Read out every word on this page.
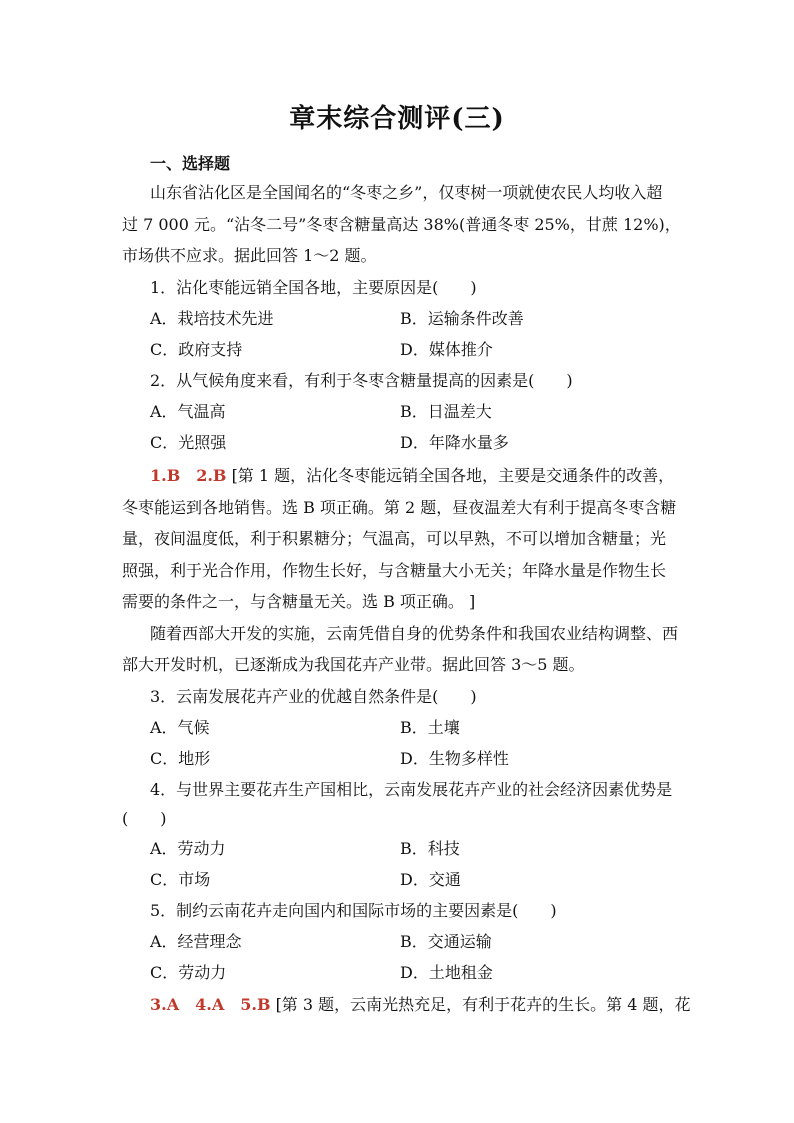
章末综合测评(三)
一、选择题
山东省沾化区是全国闻名的“冬枣之乡”，仅枣树一项就使农民人均收入超
过 7 000 元。“沾冬二号”冬枣含糖量高达 38%(普通冬枣 25%，甘蔗 12%)，
市场供不应求。据此回答 1～2 题。
1．沾化枣能远销全国各地，主要原因是(　　)
A．栽培技术先进	B．运输条件改善
C．政府支持	D．媒体推介
2．从气候角度来看，有利于冬枣含糖量提高的因素是(　　)
A．气温高	B．日温差大
C．光照强	D．年降水量多
1.B　2.B [第 1 题，沾化冬枣能远销全国各地，主要是交通条件的改善，
冬枣能运到各地销售。选 B 项正确。第 2 题，昼夜温差大有利于提高冬枣含糖
量，夜间温度低，利于积累糖分；气温高，可以早熟，不可以增加含糖量；光
照强，利于光合作用，作物生长好，与含糖量大小无关；年降水量是作物生长
需要的条件之一，与含糖量无关。选 B 项正确。 ]
随着西部大开发的实施，云南凭借自身的优势条件和我国农业结构调整、西
部大开发时机，已逐渐成为我国花卉产业带。据此回答 3～5 题。
3．云南发展花卉产业的优越自然条件是(　　)
A．气候	B．土壤
C．地形	D．生物多样性
4．与世界主要花卉生产国相比，云南发展花卉产业的社会经济因素优势是
(　　)
A．劳动力	B．科技
C．市场	D．交通
5．制约云南花卉走向国内和国际市场的主要因素是(　　)
A．经营理念	B．交通运输
C．劳动力	D．土地租金
3.A　4.A　5.B [第 3 题，云南光热充足，有利于花卉的生长。第 4 题，花
